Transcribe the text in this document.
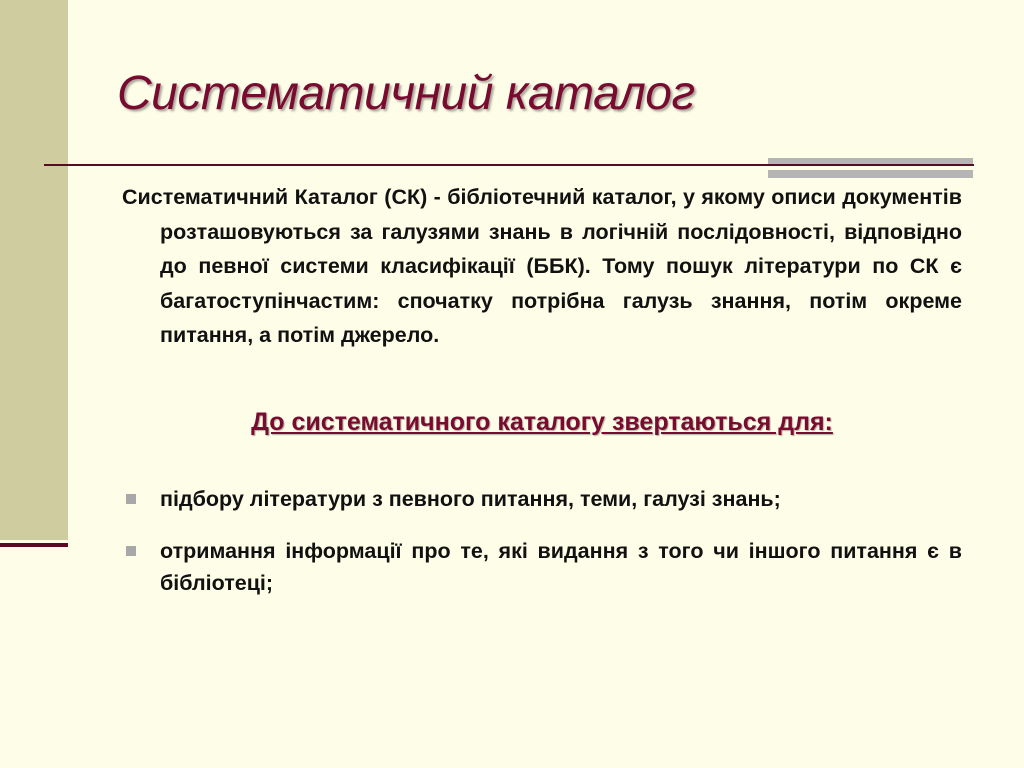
Систематичний каталог

Систематичний Каталог (СК) - бібліотечний каталог, у якому описи документів розташовуються за галузями знань в логічній послідовності, відповідно до певної системи класифікації (ББК). Тому пошук літератури по СК є багатоступінчастим: спочатку потрібна галузь знання, потім окреме питання, а потім джерело.

До систематичного каталогу звертаються для:
підбору літератури з певного питання, теми, галузі знань;
отримання інформації про те, які видання з того чи іншого питання є в бібліотеці;
